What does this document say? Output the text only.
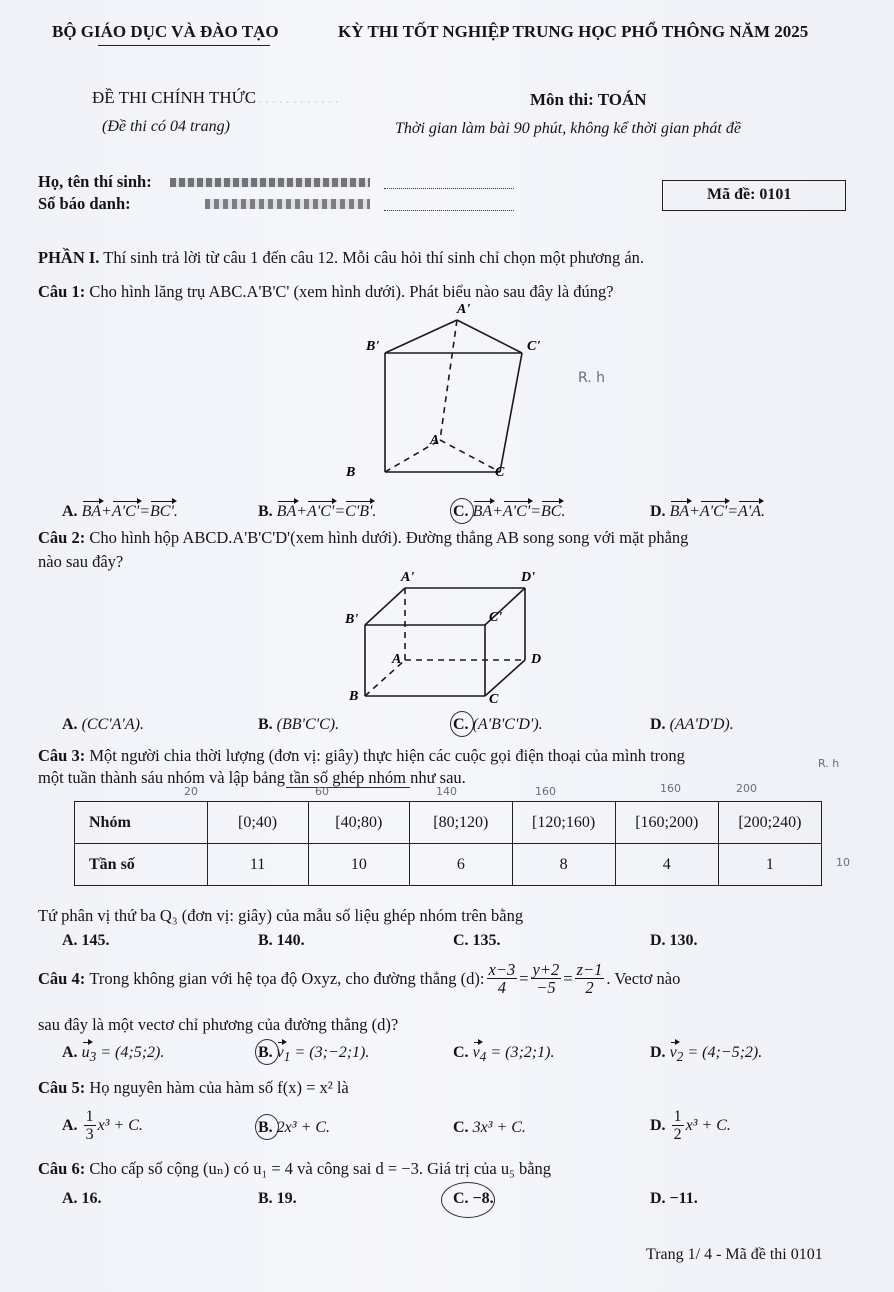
. . . . . . . . . . . . . . . .
BỘ GIÁO DỤC VÀ ĐÀO TẠO	KỲ THI TỐT NGHIỆP TRUNG HỌC PHỔ THÔNG NĂM 2025
ĐỀ THI CHÍNH THỨC	Môn thi: TOÁN
(Đề thi có 04 trang)	Thời gian làm bài 90 phút, không kể thời gian phát đề
Họ, tên thí sinh:
Số báo danh:	Mã đề: 0101
PHẦN I. Thí sinh trả lời từ câu 1 đến câu 12. Mỗi câu hỏi thí sinh chỉ chọn một phương án.
Câu 1: Cho hình lăng trụ ABC.A'B'C' (xem hình dưới). Phát biểu nào sau đây là đúng?
A'
B'	C'
A
B	C
R. h
A. BA+A'C'=BC'.	B. BA+A'C'=C'B'.	C. BA+A'C'=BC.	D. BA+A'C'=A'A.
Câu 2: Cho hình hộp ABCD.A'B'C'D'(xem hình dưới). Đường thẳng AB song song với mặt phẳng
nào sau đây?
A'	D'
B'	C'
A	D
B	C
A. (CC'A'A).	B. (BB'C'C).	C. (A'B'C'D').	D. (AA'D'D).
Câu 3: Một người chia thời lượng (đơn vị: giây) thực hiện các cuộc gọi điện thoại của mình trong
một tuần thành sáu nhóm và lập bảng tần số ghép nhóm như sau.
20	60	140	160	160	200
R. h
10
Nhóm	[0;40)	[40;80)	[80;120)	[120;160)	[160;200)	[200;240)
Tần số	11	10	6	8	4	1
Tứ phân vị thứ ba Q₃ (đơn vị: giây) của mẫu số liệu ghép nhóm trên bằng
A. 145.	B. 140.	C. 135.	D. 130.
Câu 4:
Trong không gian với hệ tọa độ Oxyz, cho đường thẳng (d): $\frac{x-3}{4} = \frac{y+2}{-5} = \frac{z-1}{2}$ . Vectơ nào
sau đây là một vectơ chỉ phương của đường thẳng (d)?
A. $u_3$ = (4;5;2).	B. $v_1$ = (3;−2;1).	C. $v_4$ = (3;2;1).	D. $v_2$ = (4;−5;2).
Câu 5: Họ nguyên hàm của hàm số f(x) = x² là
A.
$\frac{1}{3} x^3 + C$.	B. 2x³ + C.	C. 3x³ + C.	D.
$\frac{1}{2} x^3 + C$.
Câu 6: Cho cấp số cộng (uₙ) có u₁ = 4 và công sai d = −3. Giá trị của u₅ bằng
A. 16.	B. 19.	C. −8.	D. −11.
Trang 1/ 4 - Mã đề thi 0101
